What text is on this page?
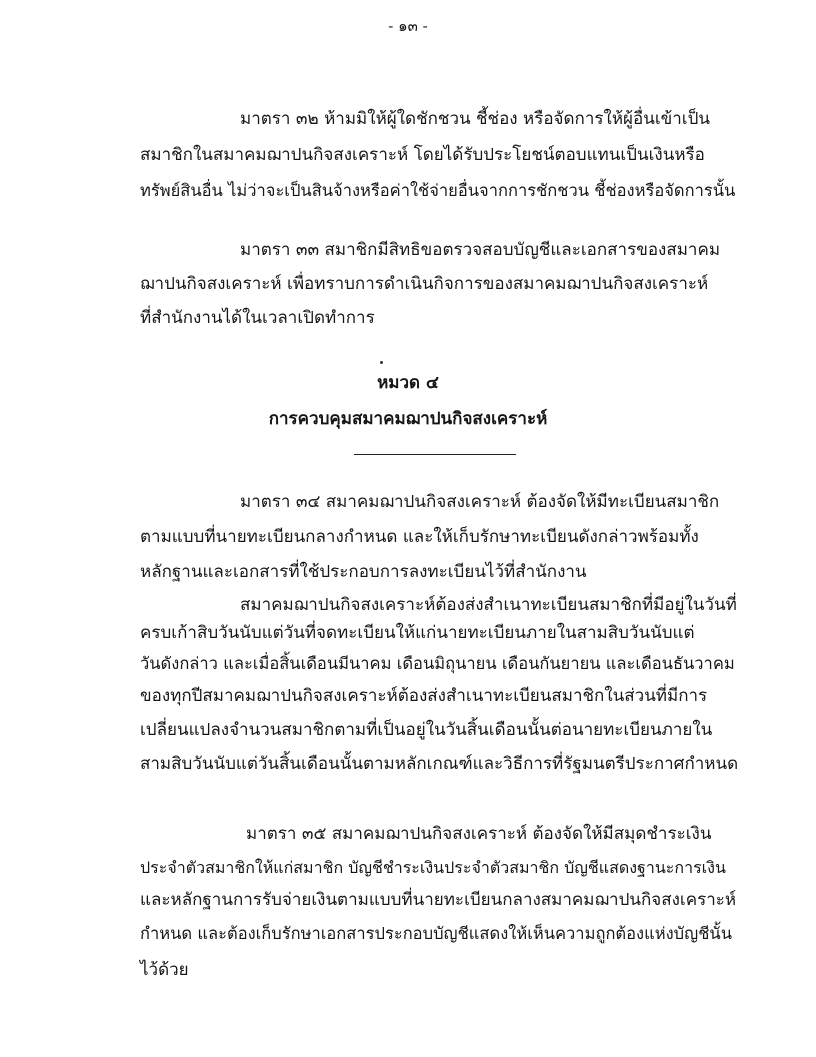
- ๑๓ -
มาตรา ๓๒ ห้ามมิให้ผู้ใดชักชวน ชี้ช่อง หรือจัดการให้ผู้อื่นเข้าเป็น
สมาชิกในสมาคมฌาปนกิจสงเคราะห์ โดยได้รับประโยชน์ตอบแทนเป็นเงินหรือ
ทรัพย์สินอื่น ไม่ว่าจะเป็นสินจ้างหรือค่าใช้จ่ายอื่นจากการชักชวน ชี้ช่องหรือจัดการนั้น
มาตรา ๓๓ สมาชิกมีสิทธิขอตรวจสอบบัญชีและเอกสารของสมาคม
ฌาปนกิจสงเคราะห์ เพื่อทราบการดำเนินกิจการของสมาคมฌาปนกิจสงเคราะห์
ที่สำนักงานได้ในเวลาเปิดทำการ
หมวด ๔
การควบคุมสมาคมฌาปนกิจสงเคราะห์
มาตรา ๓๔ สมาคมฌาปนกิจสงเคราะห์ ต้องจัดให้มีทะเบียนสมาชิก
ตามแบบที่นายทะเบียนกลางกำหนด และให้เก็บรักษาทะเบียนดังกล่าวพร้อมทั้ง
หลักฐานและเอกสารที่ใช้ประกอบการลงทะเบียนไว้ที่สำนักงาน
สมาคมฌาปนกิจสงเคราะห์ต้องส่งสำเนาทะเบียนสมาชิกที่มีอยู่ในวันที่
ครบเก้าสิบวันนับแต่วันที่จดทะเบียนให้แก่นายทะเบียนภายในสามสิบวันนับแต่
วันดังกล่าว และเมื่อสิ้นเดือนมีนาคม เดือนมิถุนายน เดือนกันยายน และเดือนธันวาคม
ของทุกปีสมาคมฌาปนกิจสงเคราะห์ต้องส่งสำเนาทะเบียนสมาชิกในส่วนที่มีการ
เปลี่ยนแปลงจำนวนสมาชิกตามที่เป็นอยู่ในวันสิ้นเดือนนั้นต่อนายทะเบียนภายใน
สามสิบวันนับแต่วันสิ้นเดือนนั้นตามหลักเกณฑ์และวิธีการที่รัฐมนตรีประกาศกำหนด
มาตรา ๓๕ สมาคมฌาปนกิจสงเคราะห์ ต้องจัดให้มีสมุดชำระเงิน
ประจำตัวสมาชิกให้แก่สมาชิก บัญชีชำระเงินประจำตัวสมาชิก บัญชีแสดงฐานะการเงิน
และหลักฐานการรับจ่ายเงินตามแบบที่นายทะเบียนกลางสมาคมฌาปนกิจสงเคราะห์
กำหนด และต้องเก็บรักษาเอกสารประกอบบัญชีแสดงให้เห็นความถูกต้องแห่งบัญชีนั้น
ไว้ด้วย
